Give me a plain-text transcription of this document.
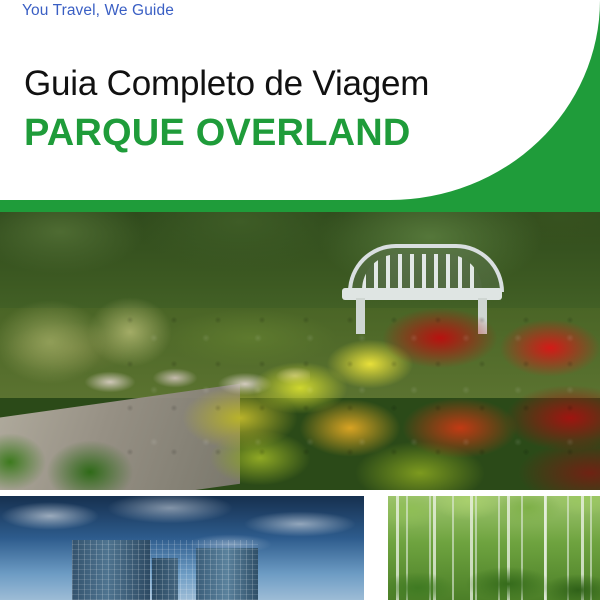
You Travel, We Guide
Guia Completo de Viagem
PARQUE OVERLAND
